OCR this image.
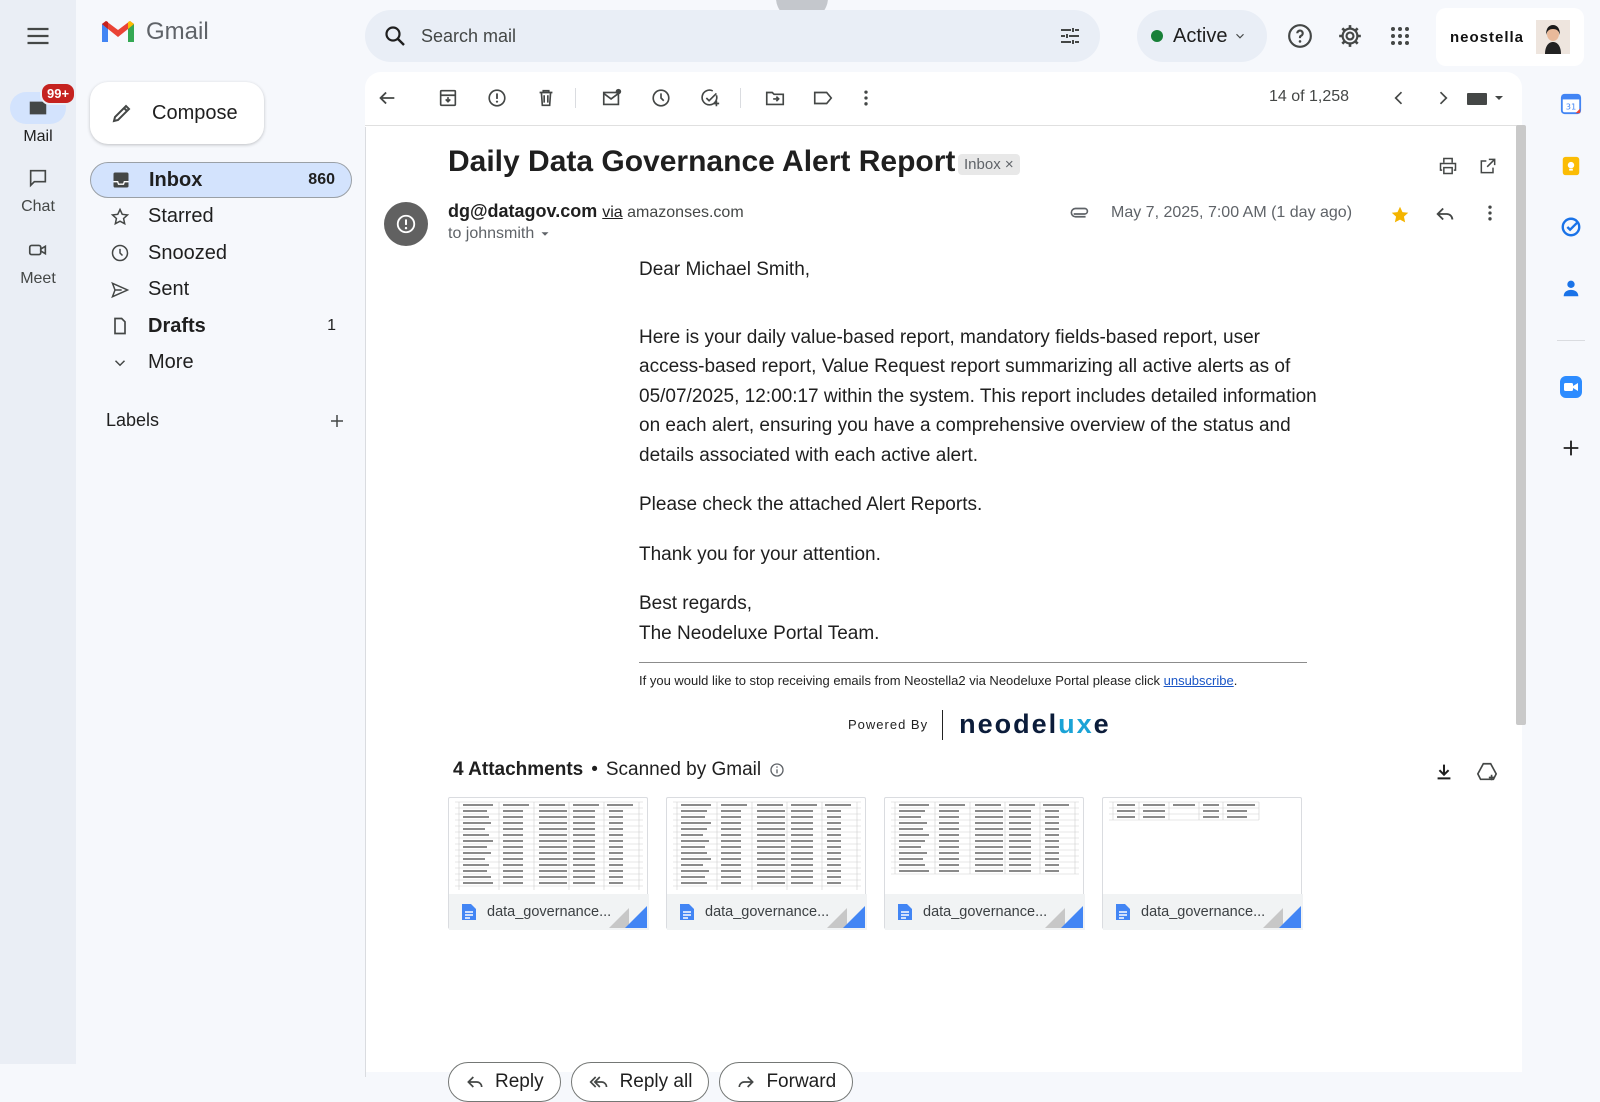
99+
Mail
Chat
Meet
Gmail
Search mail	Active	neostella
Compose
Inbox	860
Starred
Snoozed
Sent
Drafts	1
More
Labels
14 of 1,258
Daily Data Governance Alert Report Inbox ×
dg@datagov.com via amazonses.com
to johnsmith
May 7, 2025, 7:00 AM (1 day ago)

Dear Michael Smith,

Here is your daily value-based report, mandatory fields-based report, user access-based report, Value Request report summarizing all active alerts as of 05/07/2025, 12:00:17 within the system. This report includes detailed information on each alert, ensuring you have a comprehensive overview of the status and details associated with each active alert.

Please check the attached Alert Reports.

Thank you for your attention.

Best regards,
The Neodeluxe Portal Team.

If you would like to stop receiving emails from Neostella2 via Neodeluxe Portal please click unsubscribe.
Powered By neodeluxe
4 Attachments • Scanned by Gmail
data_governance...	data_governance...	data_governance...	data_governance...
Reply	Reply all	Forward
31
